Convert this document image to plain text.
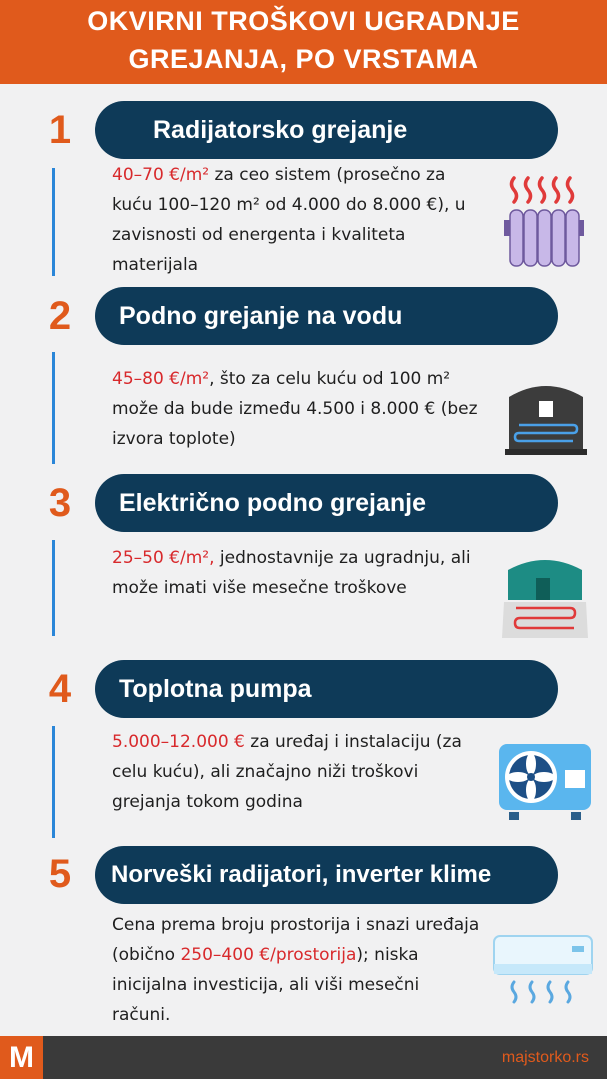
OKVIRNI TROŠKOVI UGRADNJE
GREJANJA, PO VRSTAMA
1	Radijatorsko grejanje
40–70 €/m² za ceo sistem (prosečno za kuću 100–120 m² od 4.000 do 8.000 €), u zavisnosti od energenta i kvaliteta materijala
2	Podno grejanje na vodu
45–80 €/m², što za celu kuću od 100 m² može da bude između 4.500 i 8.000 € (bez izvora toplote)
3	Električno podno grejanje
25–50 €/m², jednostavnije za ugradnju, ali može imati više mesečne troškove
4	Toplotna pumpa
5.000–12.000 € za uređaj i instalaciju (za celu kuću), ali značajno niži troškovi grejanja tokom godina
5	Norveški radijatori, inverter klime
Cena prema broju prostorija i snazi uređaja (obično 250–400 €/prostorija); niska inicijalna investicija, ali viši mesečni računi.
M	majstorko.rs
